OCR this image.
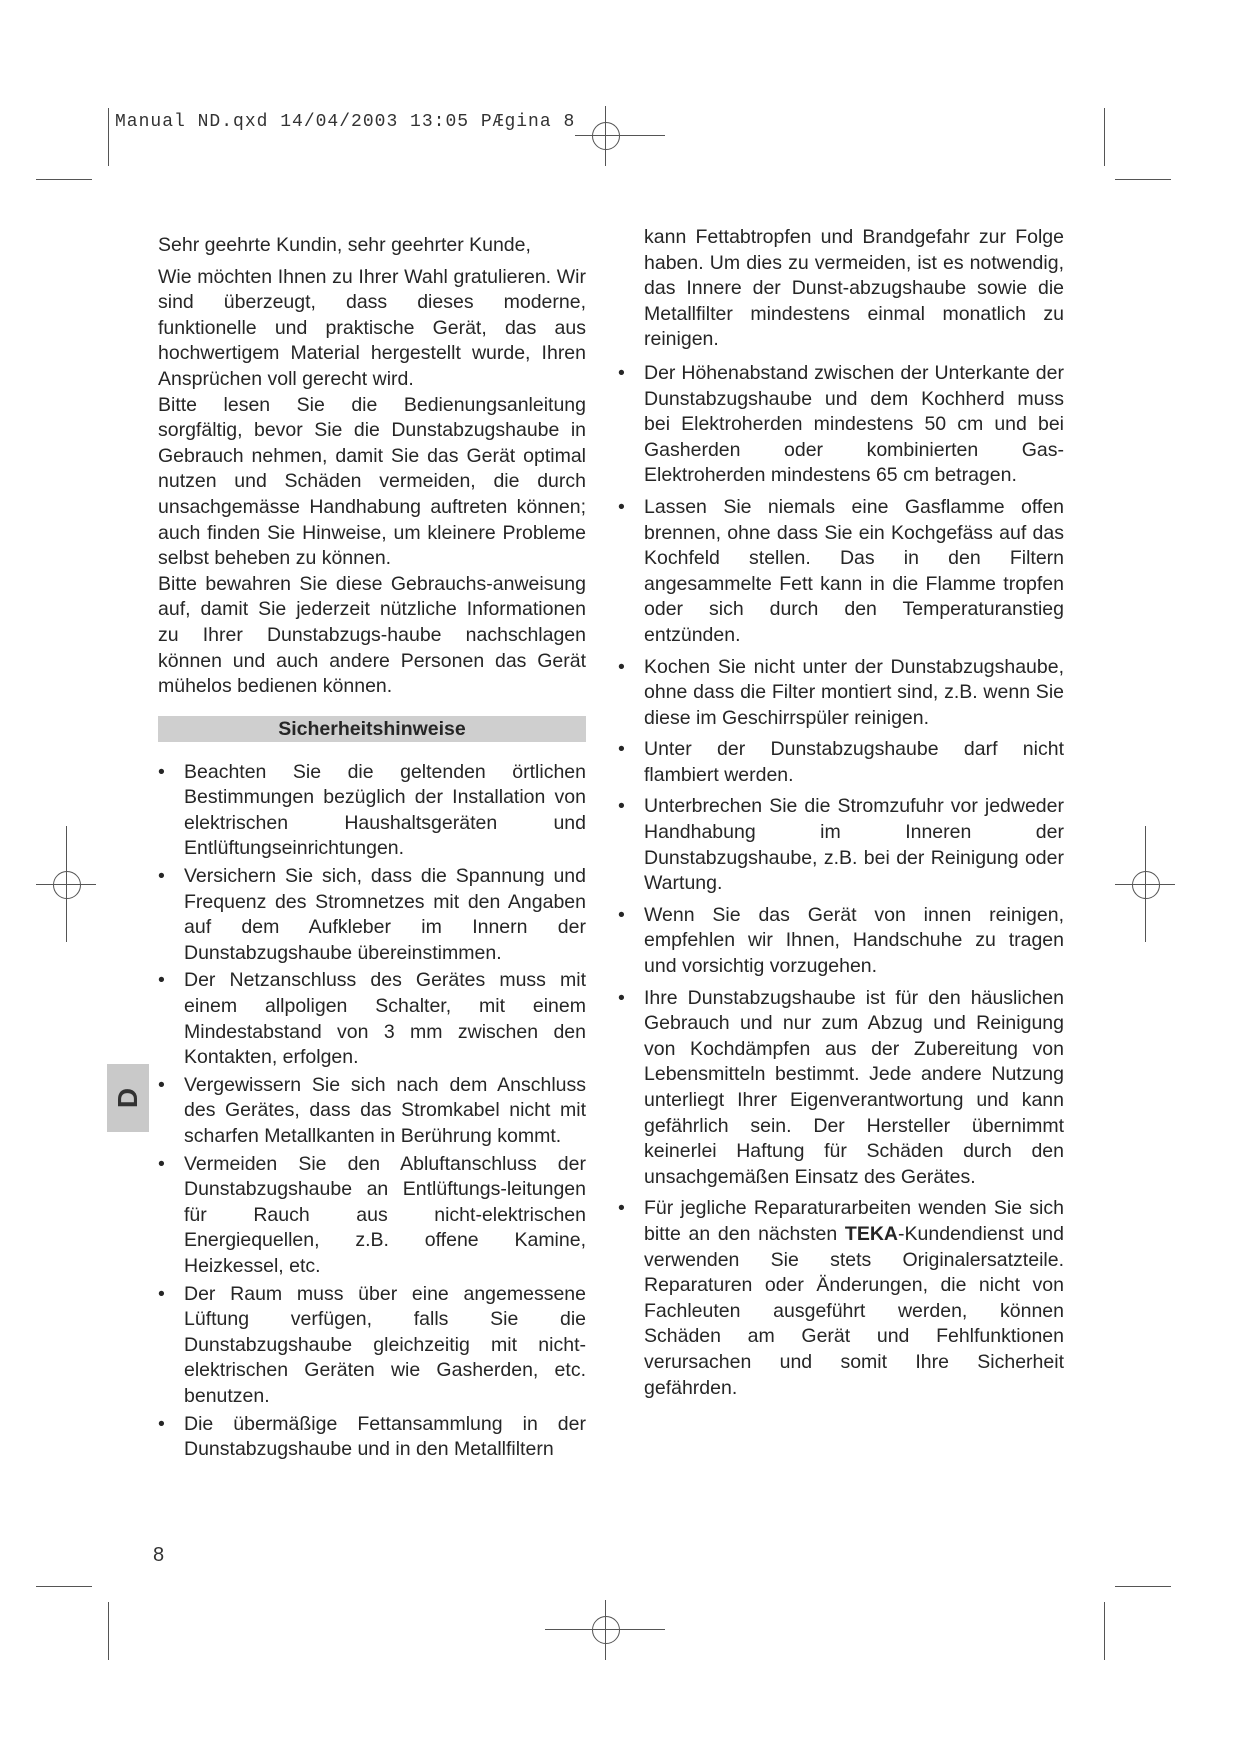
Manual ND.qxd 14/04/2003 13:05 PÆgina 8
D

Sehr geehrte Kundin, sehr geehrter Kunde,

Wie möchten Ihnen zu Ihrer Wahl gratulieren. Wir sind überzeugt, dass dieses moderne, funktionelle und praktische Gerät, das aus hochwertigem Material hergestellt wurde, Ihren Ansprüchen voll gerecht wird.

Bitte lesen Sie die Bedienungsanleitung sorgfältig, bevor Sie die Dunstabzugshaube in Gebrauch nehmen, damit Sie das Gerät optimal nutzen und Schäden vermeiden, die durch unsachgemässe Handhabung auftreten können; auch finden Sie Hinweise, um kleinere Probleme selbst beheben zu können.

Bitte bewahren Sie diese Gebrauchs-anweisung auf, damit Sie jederzeit nützliche Informationen zu Ihrer Dunstabzugs-haube nachschlagen können und auch andere Personen das Gerät mühelos bedienen können.

Sicherheitshinweise
• Beachten Sie die geltenden örtlichen Bestimmungen bezüglich der Installation von elektrischen Haushaltsgeräten und Entlüftungseinrichtungen.
• Versichern Sie sich, dass die Spannung und Frequenz des Stromnetzes mit den Angaben auf dem Aufkleber im Innern der Dunstabzugshaube übereinstimmen.
• Der Netzanschluss des Gerätes muss mit einem allpoligen Schalter, mit einem Mindestabstand von 3 mm zwischen den Kontakten, erfolgen.
• Vergewissern Sie sich nach dem Anschluss des Gerätes, dass das Stromkabel nicht mit scharfen Metallkanten in Berührung kommt.
• Vermeiden Sie den Abluftanschluss der Dunstabzugshaube an Entlüftungs-leitungen für Rauch aus nicht-elektrischen Energiequellen, z.B. offene Kamine, Heizkessel, etc.
• Der Raum muss über eine angemessene Lüftung verfügen, falls Sie die Dunstabzugshaube gleichzeitig mit nicht-elektrischen Geräten wie Gasherden, etc. benutzen.
• Die übermäßige Fettansammlung in der Dunstabzugshaube und in den Metallfiltern

kann Fettabtropfen und Brandgefahr zur Folge haben. Um dies zu vermeiden, ist es notwendig, das Innere der Dunst-abzugshaube sowie die Metallfilter mindestens einmal monatlich zu reinigen.

• Der Höhenabstand zwischen der Unterkante der Dunstabzugshaube und dem Kochherd muss bei Elektroherden mindestens 50 cm und bei Gasherden oder kombinierten Gas-Elektroherden mindestens 65 cm betragen.
• Lassen Sie niemals eine Gasflamme offen brennen, ohne dass Sie ein Kochgefäss auf das Kochfeld stellen. Das in den Filtern angesammelte Fett kann in die Flamme tropfen oder sich durch den Temperaturanstieg entzünden.
• Kochen Sie nicht unter der Dunstabzugshaube, ohne dass die Filter montiert sind, z.B. wenn Sie diese im Geschirrspüler reinigen.
• Unter der Dunstabzugshaube darf nicht flambiert werden.
• Unterbrechen Sie die Stromzufuhr vor jedweder Handhabung im Inneren der Dunstabzugshaube, z.B. bei der Reinigung oder Wartung.
• Wenn Sie das Gerät von innen reinigen, empfehlen wir Ihnen, Handschuhe zu tragen und vorsichtig vorzugehen.
• Ihre Dunstabzugshaube ist für den häuslichen Gebrauch und nur zum Abzug und Reinigung von Kochdämpfen aus der Zubereitung von Lebensmitteln bestimmt. Jede andere Nutzung unterliegt Ihrer Eigenverantwortung und kann gefährlich sein. Der Hersteller übernimmt keinerlei Haftung für Schäden durch den unsachgemäßen Einsatz des Gerätes.
• Für jegliche Reparaturarbeiten wenden Sie sich bitte an den nächsten TEKA-Kundendienst und verwenden Sie stets Originalersatzteile. Reparaturen oder Änderungen, die nicht von Fachleuten ausgeführt werden, können Schäden am Gerät und Fehlfunktionen verursachen und somit Ihre Sicherheit gefährden.
8
